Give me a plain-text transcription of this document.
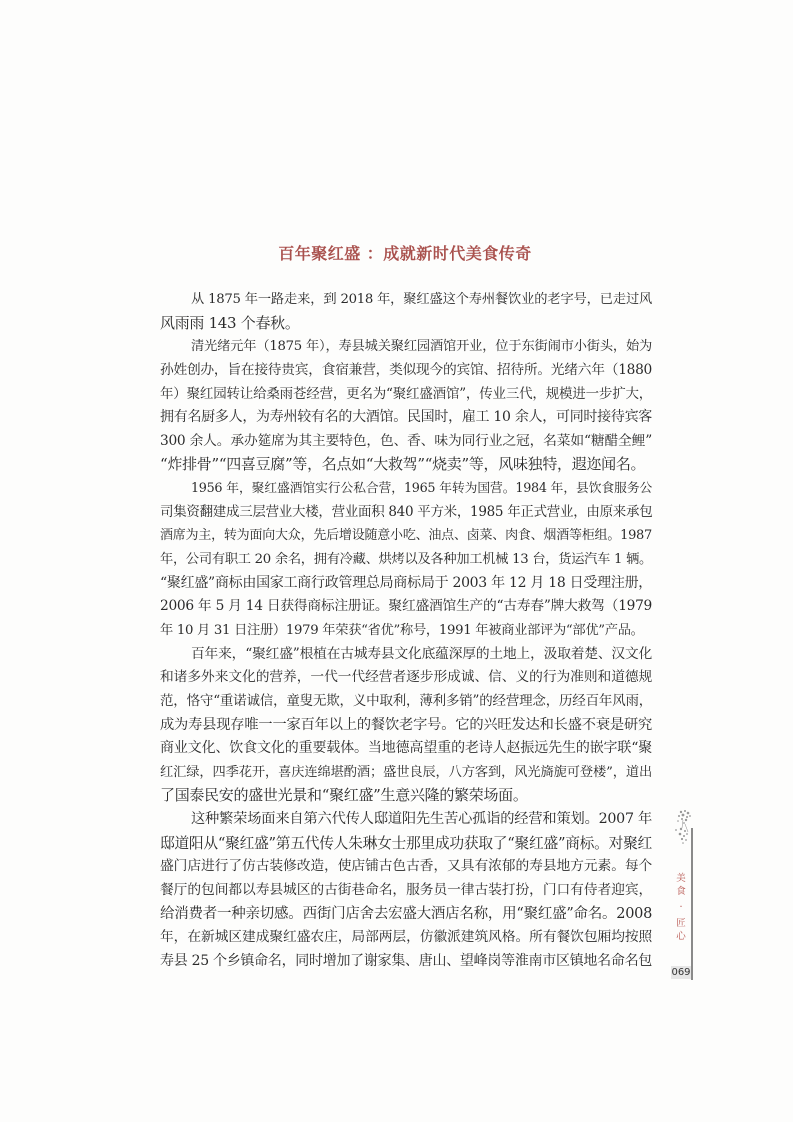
百年聚红盛 ：成就新时代美食传奇
从 1875 年一路走来，到 2018 年，聚红盛这个寿州餐饮业的老字号，已走过风
风雨雨 143 个春秋。
清光绪元年（1875 年），寿县城关聚红园酒馆开业，位于东街闹市小街头，始为
孙姓创办，旨在接待贵宾，食宿兼营，类似现今的宾馆、招待所。光绪六年（1880
年）聚红园转让给桑雨苍经营，更名为“聚红盛酒馆”，传业三代，规模进一步扩大，
拥有名厨多人，为寿州较有名的大酒馆。民国时，雇工 10 余人，可同时接待宾客
300 余人。承办筵席为其主要特色，色、香、味为同行业之冠，名菜如“糖醋全鲤”
“炸排骨”“四喜豆腐”等，名点如“大救驾”“烧卖”等，风味独特，遐迩闻名。
1956 年，聚红盛酒馆实行公私合营，1965 年转为国营。1984 年，县饮食服务公
司集资翻建成三层营业大楼，营业面积 840 平方米，1985 年正式营业，由原来承包
酒席为主，转为面向大众，先后增设随意小吃、油点、卤菜、肉食、烟酒等柜组。1987
年，公司有职工 20 余名，拥有冷藏、烘烤以及各种加工机械 13 台，货运汽车 1 辆。
“聚红盛”商标由国家工商行政管理总局商标局于 2003 年 12 月 18 日受理注册，
2006 年 5 月 14 日获得商标注册证。聚红盛酒馆生产的“古寿春”牌大救驾（1979
年 10 月 31 日注册）1979 年荣获“省优”称号，1991 年被商业部评为“部优”产品。
百年来，“聚红盛”根植在古城寿县文化底蕴深厚的土地上，汲取着楚、汉文化
和诸多外来文化的营养，一代一代经营者逐步形成诚、信、义的行为准则和道德规
范，恪守“重诺诚信，童叟无欺，义中取利，薄利多销”的经营理念，历经百年风雨，
成为寿县现存唯一一家百年以上的餐饮老字号。它的兴旺发达和长盛不衰是研究
商业文化、饮食文化的重要载体。当地德高望重的老诗人赵振远先生的嵌字联“聚
红汇绿，四季花开，喜庆连绵堪酌酒；盛世良辰，八方客到，风光旖旎可登楼”，道出
了国泰民安的盛世光景和“聚红盛”生意兴隆的繁荣场面。
这种繁荣场面来自第六代传人邸道阳先生苦心孤诣的经营和策划。2007 年
邸道阳从“聚红盛”第五代传人朱琳女士那里成功获取了“聚红盛”商标。对聚红
盛门店进行了仿古装修改造，使店铺古色古香，又具有浓郁的寿县地方元素。每个
餐厅的包间都以寿县城区的古街巷命名，服务员一律古装打扮，门口有侍者迎宾，
给消费者一种亲切感。西街门店舍去宏盛大酒店名称，用“聚红盛”命名。2008
年，在新城区建成聚红盛农庄，局部两层，仿徽派建筑风格。所有餐饮包厢均按照
寿县 25 个乡镇命名，同时增加了谢家集、唐山、望峰岗等淮南市区镇地名命名包
美
食
·
匠
心
069
